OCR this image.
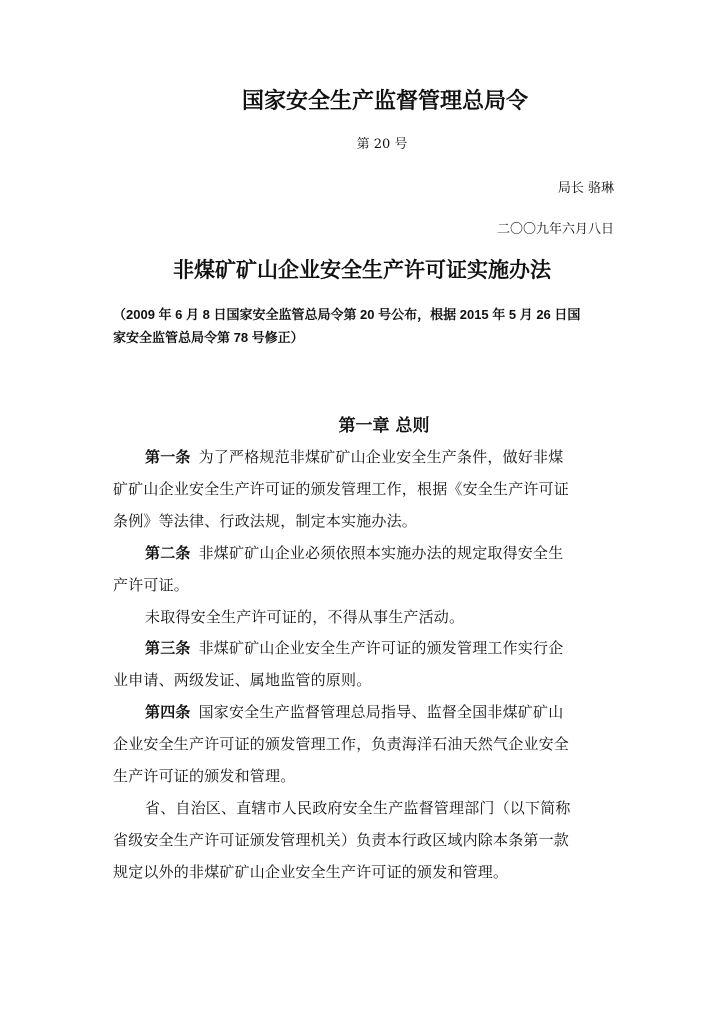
国家安全生产监督管理总局令
第 20 号
局长 骆琳
二〇〇九年六月八日
非煤矿矿山企业安全生产许可证实施办法
（2009 年 6 月 8 日国家安全监管总局令第 20 号公布，根据 2015 年 5 月 26 日国
家安全监管总局令第 78 号修正）
第一章 总则
第一条 为了严格规范非煤矿矿山企业安全生产条件，做好非煤
矿矿山企业安全生产许可证的颁发管理工作，根据《安全生产许可证
条例》等法律、行政法规，制定本实施办法。
第二条 非煤矿矿山企业必须依照本实施办法的规定取得安全生
产许可证。
未取得安全生产许可证的，不得从事生产活动。
第三条 非煤矿矿山企业安全生产许可证的颁发管理工作实行企
业申请、两级发证、属地监管的原则。
第四条 国家安全生产监督管理总局指导、监督全国非煤矿矿山
企业安全生产许可证的颁发管理工作，负责海洋石油天然气企业安全
生产许可证的颁发和管理。
省、自治区、直辖市人民政府安全生产监督管理部门（以下简称
省级安全生产许可证颁发管理机关）负责本行政区域内除本条第一款
规定以外的非煤矿矿山企业安全生产许可证的颁发和管理。
